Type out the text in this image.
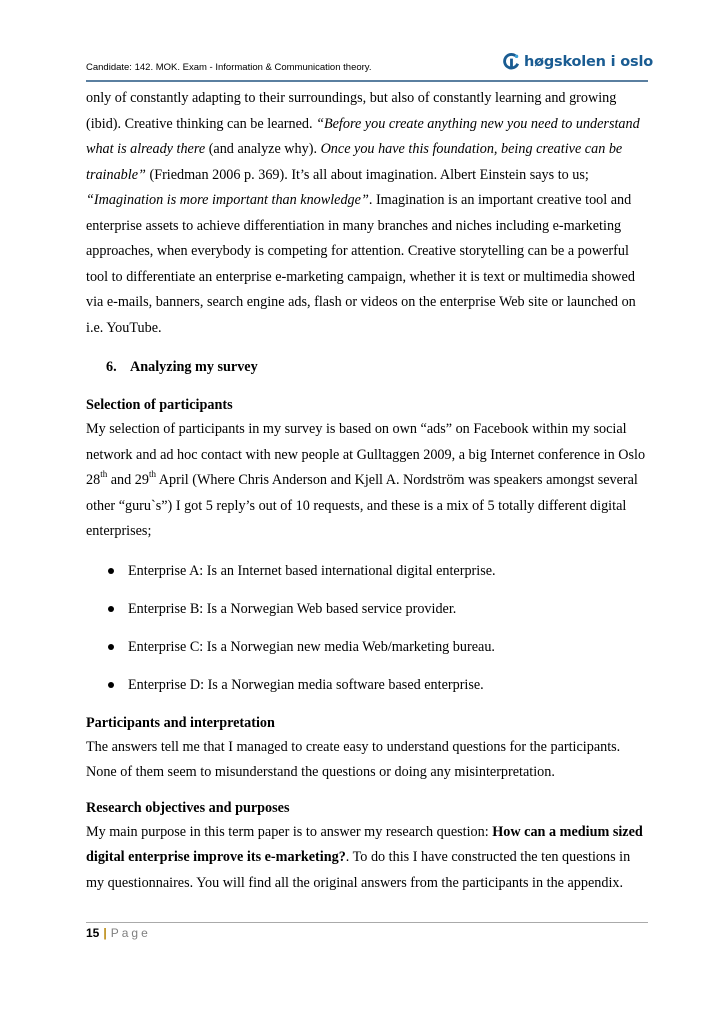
Candidate: 142. MOK. Exam - Information & Communication theory.	høgskolen i oslo

only of constantly adapting to their surroundings, but also of constantly learning and growing (ibid). Creative thinking can be learned. “Before you create anything new you need to understand what is already there (and analyze why). Once you have this foundation, being creative can be trainable” (Friedman 2006 p. 369). It’s all about imagination. Albert Einstein says to us; “Imagination is more important than knowledge”. Imagination is an important creative tool and enterprise assets to achieve differentiation in many branches and niches including e-marketing approaches, when everybody is competing for attention. Creative storytelling can be a powerful tool to differentiate an enterprise e-marketing campaign, whether it is text or multimedia showed via e-mails, banners, search engine ads, flash or videos on the enterprise Web site or launched on i.e. YouTube.

6. Analyzing my survey

Selection of participants

My selection of participants in my survey is based on own “ads” on Facebook within my social network and ad hoc contact with new people at Gulltaggen 2009, a big Internet conference in Oslo 28th and 29th April (Where Chris Anderson and Kjell A. Nordström was speakers amongst several other “guru`s”) I got 5 reply’s out of 10 requests, and these is a mix of 5 totally different digital enterprises;

Enterprise A: Is an Internet based international digital enterprise.
Enterprise B: Is a Norwegian Web based service provider.
Enterprise C: Is a Norwegian new media Web/marketing bureau.
Enterprise D: Is a Norwegian media software based enterprise.

Participants and interpretation

The answers tell me that I managed to create easy to understand questions for the participants. None of them seem to misunderstand the questions or doing any misinterpretation.

Research objectives and purposes

My main purpose in this term paper is to answer my research question: How can a medium sized digital enterprise improve its e-marketing?. To do this I have constructed the ten questions in my questionnaires. You will find all the original answers from the participants in the appendix.

15 | Page
